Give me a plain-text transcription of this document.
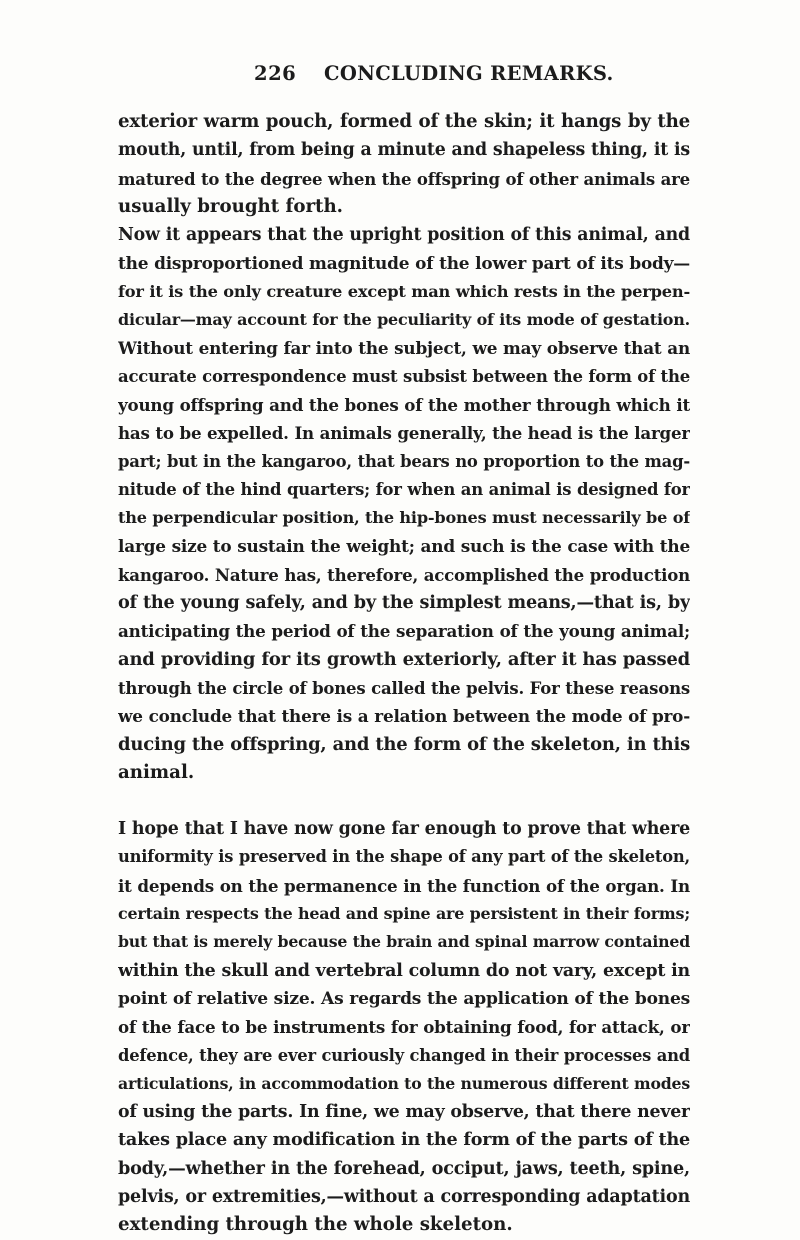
226 CONCLUDING REMARKS.

exterior warm pouch, formed of the skin; it hangs by the
mouth, until, from being a minute and shapeless thing, it is
matured to the degree when the offspring of other animals are
usually brought forth.

Now it appears that the upright position of this animal, and
the disproportioned magnitude of the lower part of its body—
for it is the only creature except man which rests in the perpen-
dicular—may account for the peculiarity of its mode of gestation.
Without entering far into the subject, we may observe that an
accurate correspondence must subsist between the form of the
young offspring and the bones of the mother through which it
has to be expelled. In animals generally, the head is the larger
part; but in the kangaroo, that bears no proportion to the mag-
nitude of the hind quarters; for when an animal is designed for
the perpendicular position, the hip-bones must necessarily be of
large size to sustain the weight; and such is the case with the
kangaroo. Nature has, therefore, accomplished the production
of the young safely, and by the simplest means,—that is, by
anticipating the period of the separation of the young animal;
and providing for its growth exteriorly, after it has passed
through the circle of bones called the pelvis. For these reasons
we conclude that there is a relation between the mode of pro-
ducing the offspring, and the form of the skeleton, in this
animal.

I hope that I have now gone far enough to prove that where
uniformity is preserved in the shape of any part of the skeleton,
it depends on the permanence in the function of the organ. In
certain respects the head and spine are persistent in their forms;
but that is merely because the brain and spinal marrow contained
within the skull and vertebral column do not vary, except in
point of relative size. As regards the application of the bones
of the face to be instruments for obtaining food, for attack, or
defence, they are ever curiously changed in their processes and
articulations, in accommodation to the numerous different modes
of using the parts. In fine, we may observe, that there never
takes place any modification in the form of the parts of the
body,—whether in the forehead, occiput, jaws, teeth, spine,
pelvis, or extremities,—without a corresponding adaptation
extending through the whole skeleton.
